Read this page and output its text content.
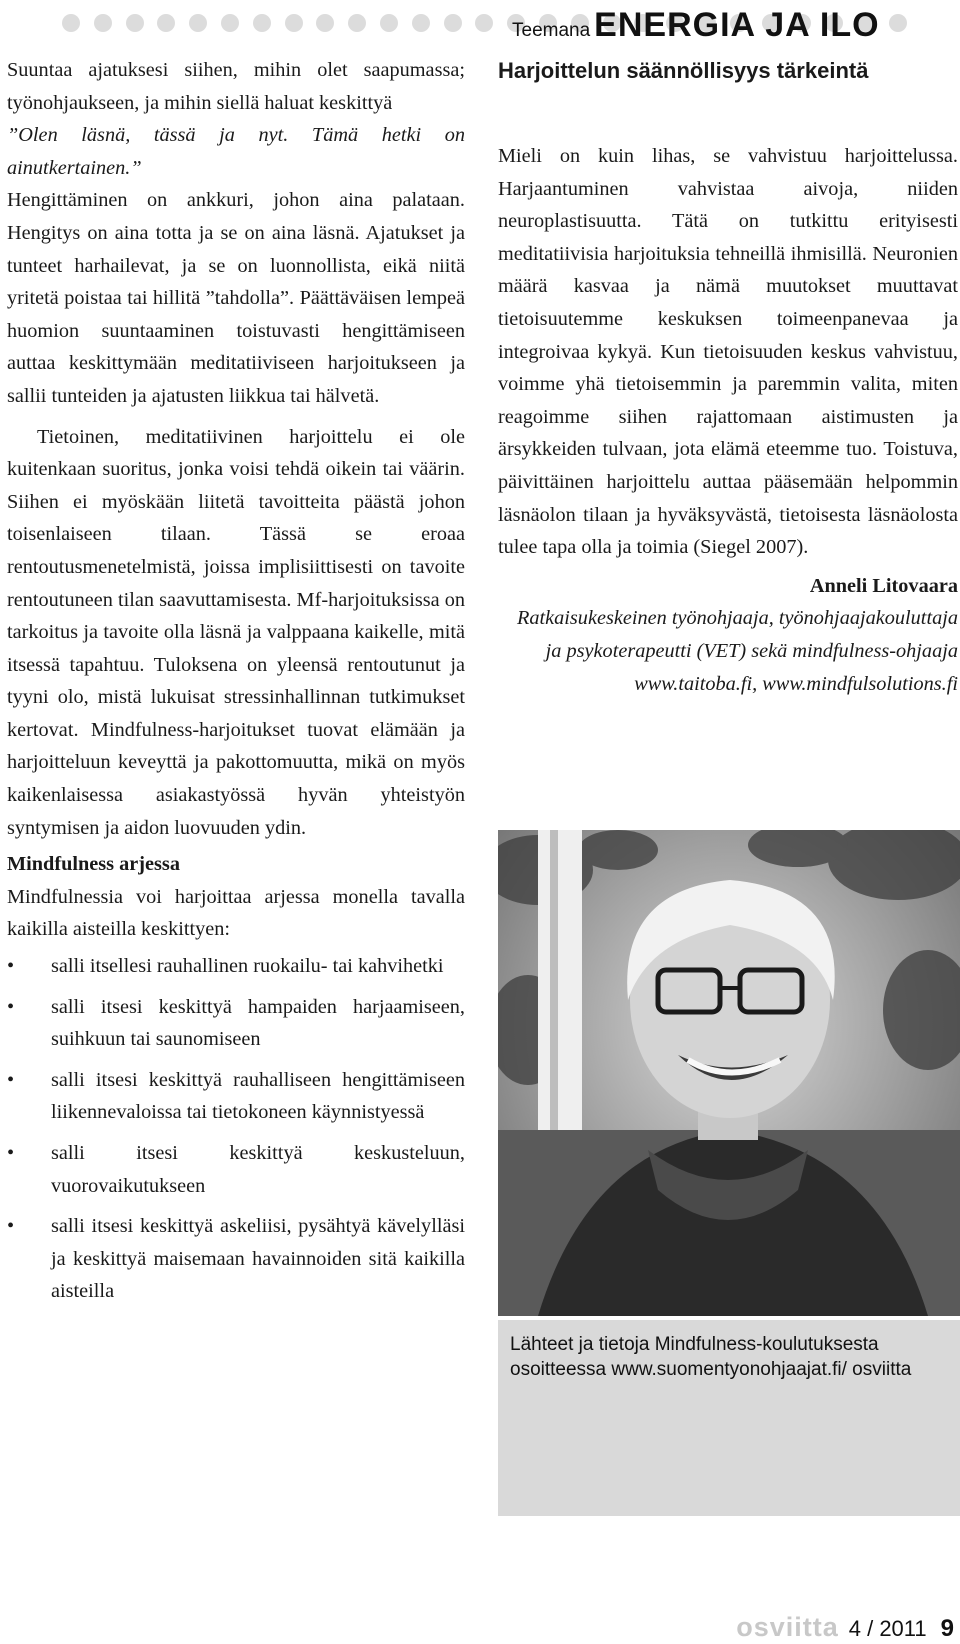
Teemana ENERGIA JA ILO

Suuntaa ajatuksesi siihen, mihin olet saapumassa; työnohjaukseen, ja mihin siellä haluat keskittyä

”Olen läsnä, tässä ja nyt. Tämä hetki on ainutkertainen.”

Hengittäminen on ankkuri, johon aina palataan. Hengitys on aina totta ja se on aina läsnä. Ajatukset ja tunteet harhailevat, ja se on luonnollista, eikä niitä yritetä poistaa tai hillitä ”tahdolla”. Päättäväisen lempeä huomion suuntaaminen toistuvasti hengittämiseen auttaa keskittymään meditatiiviseen harjoitukseen ja sallii tunteiden ja ajatusten liikkua tai hälvetä.

Tietoinen, meditatiivinen harjoittelu ei ole kuitenkaan suoritus, jonka voisi tehdä oikein tai väärin. Siihen ei myöskään liitetä tavoitteita päästä johon toisenlaiseen tilaan. Tässä se eroaa rentoutusmenetelmistä, joissa implisiittisesti on tavoite rentoutuneen tilan saavuttamisesta. Mf-harjoituksissa on tarkoitus ja tavoite olla läsnä ja valppaana kaikelle, mitä itsessä tapahtuu. Tuloksena on yleensä rentoutunut ja tyyni olo, mistä lukuisat stressinhallinnan tutkimukset kertovat. Mindfulness-harjoitukset tuovat elämään ja harjoitteluun keveyttä ja pakottomuutta, mikä on myös kaikenlaisessa asiakastyössä hyvän yhteistyön syntymisen ja aidon luovuuden ydin.

Mindfulness arjessa

Mindfulnessia voi harjoittaa arjessa monella tavalla kaikilla aisteilla keskittyen:

• salli itsellesi rauhallinen ruokailu- tai kahvihetki
• salli itsesi keskittyä hampaiden harjaamiseen, suihkuun tai saunomiseen
• salli itsesi keskittyä rauhalliseen hengittämiseen liikennevaloissa tai tietokoneen käynnistyessä
• salli itsesi keskittyä keskusteluun, vuorovaikutukseen
• salli itsesi keskittyä askeliisi, pysähtyä kävelylläsi ja keskittyä maisemaan havainnoiden sitä kaikilla aisteilla
Harjoittelun säännöllisyys tärkeintä

Mieli on kuin lihas, se vahvistuu harjoittelussa. Harjaantuminen vahvistaa aivoja, niiden neuroplastisuutta. Tätä on tutkittu erityisesti meditatiivisia harjoituksia tehneillä ihmisillä. Neuronien määrä kasvaa ja nämä muutokset muuttavat tietoisuutemme keskuksen toimeenpanevaa ja integroivaa kykyä. Kun tietoisuuden keskus vahvistuu, voimme yhä tietoisemmin ja paremmin valita, miten reagoimme siihen rajattomaan aistimusten ja ärsykkeiden tulvaan, jota elämä eteemme tuo. Toistuva, päivittäinen harjoittelu auttaa pääsemään helpommin läsnäolon tilaan ja hyväksyvästä, tietoisesta läsnäolosta tulee tapa olla ja toimia (Siegel 2007).

Anneli Litovaara

Ratkaisukeskeinen työnohjaaja, työnohjaajakouluttaja ja psykoterapeutti (VET) sekä mindfulness-ohjaaja www.taitoba.fi, www.mindfulsolutions.fi

Lähteet ja tietoja Mindfulness-koulutuksesta osoitteessa www.suomentyonohjaajat.fi/ osviitta
osviitta 4 / 2011 9
